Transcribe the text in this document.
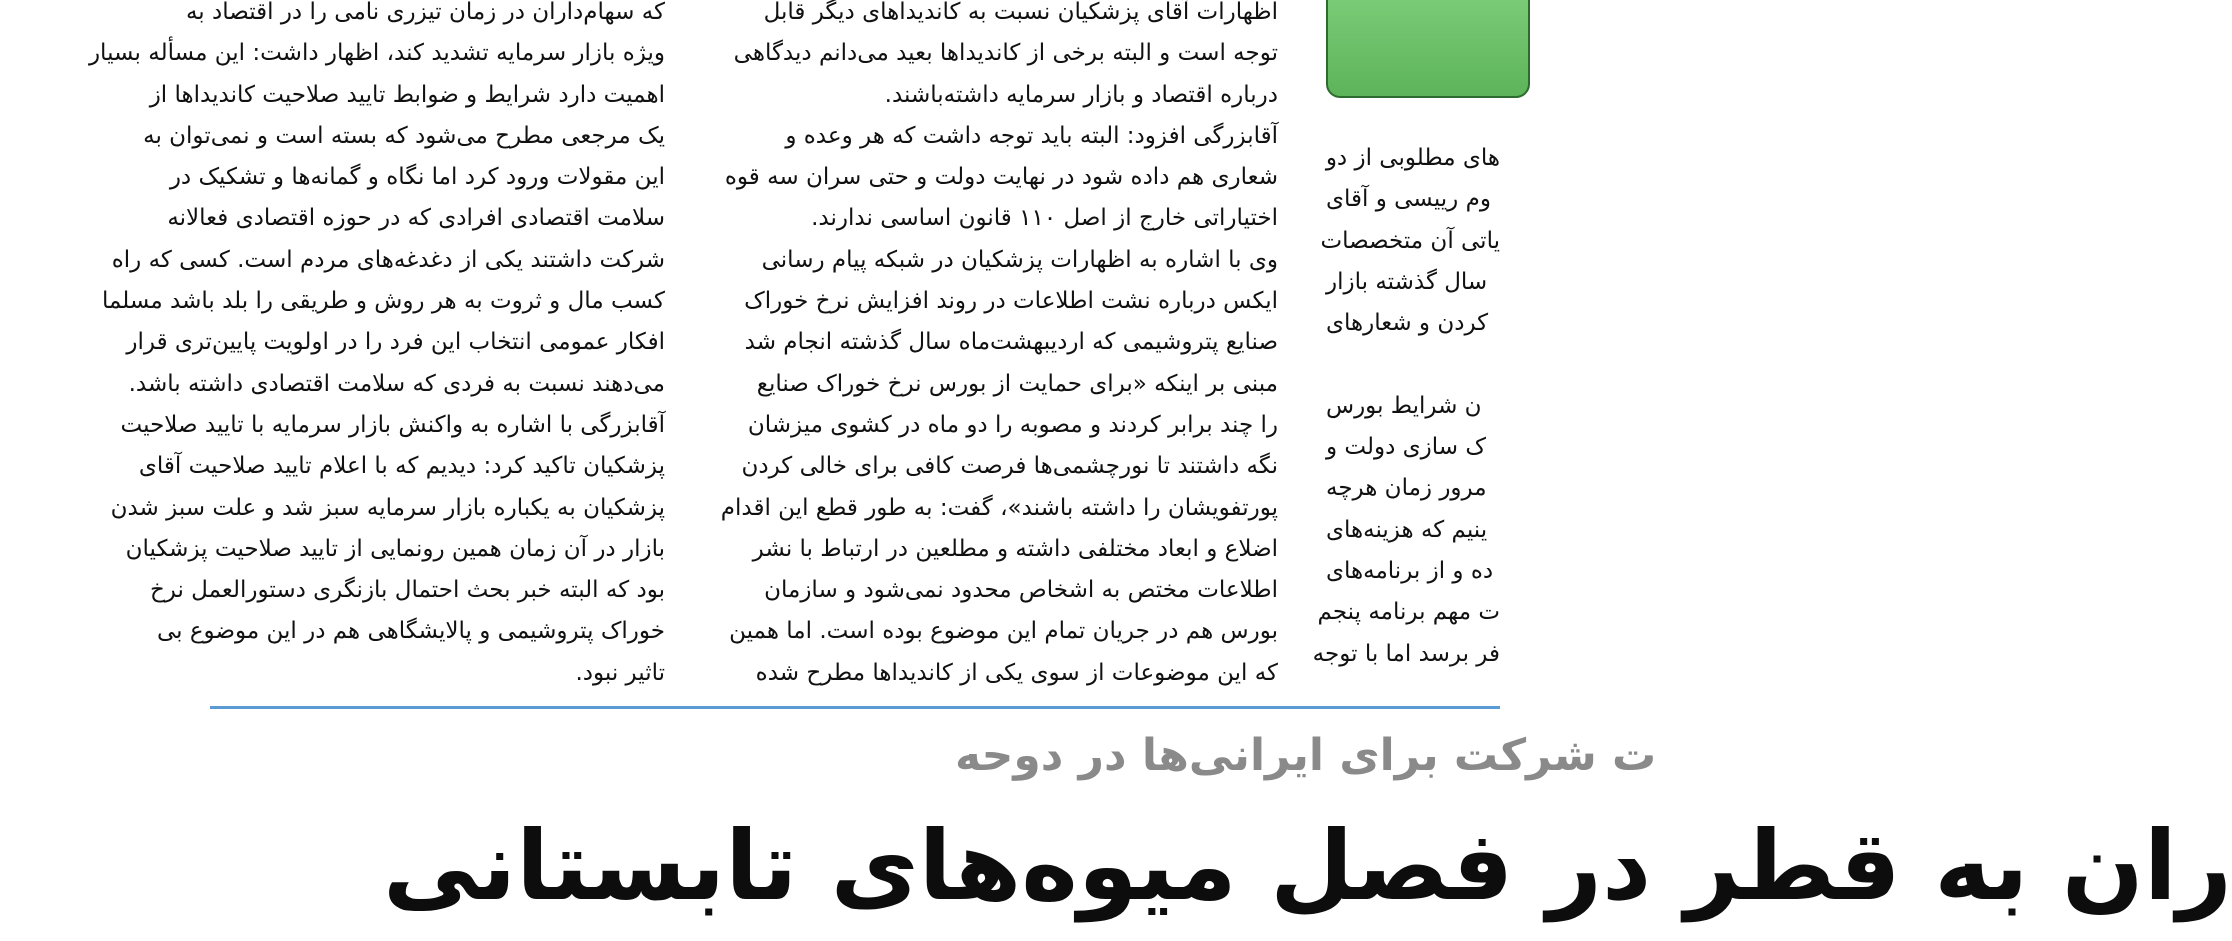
که سهام‌داران در زمان تیزری نامی را در اقتصاد به
ویژه بازار سرمایه تشدید کند، اظهار داشت: این مسأله بسیار
اهمیت دارد شرایط و ضوابط تایید صلاحیت کاندیداها از
یک مرجعی مطرح می‌شود که بسته است و نمی‌توان به
این مقولات ورود کرد اما نگاه و گمانه‌ها و تشکیک در
سلامت اقتصادی افرادی که در حوزه اقتصادی فعالانه
شرکت داشتند یکی از دغدغه‌های مردم است. کسی که راه
کسب مال و ثروت به هر روش و طریقی را بلد باشد مسلما
افکار عمومی انتخاب این فرد را در اولویت پایین‌تری قرار
می‌دهند نسبت به فردی که سلامت اقتصادی داشته باشد.
آقابزرگی با اشاره به واکنش بازار سرمایه با تایید صلاحیت
پزشکیان تاکید کرد: دیدیم که با اعلام تایید صلاحیت آقای
پزشکیان به یکباره بازار سرمایه سبز شد و علت سبز شدن
بازار در آن زمان همین رونمایی از تایید صلاحیت پزشکیان
بود که البته خبر بحث احتمال بازنگری دستورالعمل نرخ
خوراک پتروشیمی و پالایشگاهی هم در این موضوع بی
تاثیر نبود.
اظهارات آقای پزشکیان نسبت به کاندیداهای دیگر قابل
توجه است و البته برخی از کاندیداها بعید می‌دانم دیدگاهی
درباره اقتصاد و بازار سرمایه داشته‌باشند.
آقابزرگی افزود: البته باید توجه داشت که هر وعده و
شعاری هم داده شود در نهایت دولت و حتی سران سه قوه
اختیاراتی خارج از اصل ۱۱۰ قانون اساسی ندارند.
وی با اشاره به اظهارات پزشکیان در شبکه پیام رسانی
ایکس درباره نشت اطلاعات در روند افزایش نرخ خوراک
صنایع پتروشیمی که اردیبهشت‌ماه سال گذشته انجام شد
مبنی بر اینکه «برای حمایت از بورس نرخ خوراک صنایع
را چند برابر کردند و مصوبه را دو ماه در کشوی میزشان
نگه داشتند تا نورچشمی‌ها فرصت کافی برای خالی کردن
پورتفویشان را داشته باشند»، گفت: به طور قطع این اقدام
اضلاع و ابعاد مختلفی داشته و مطلعین در ارتباط با نشر
اطلاعات مختص به اشخاص محدود نمی‌شود و سازمان
بورس هم در جریان تمام این موضوع بوده است. اما همین
که این موضوعات از سوی یکی از کاندیداها مطرح شده
های مطلوبی از دو
وم رییسی و آقای
یاتی آن متخصصات
سال گذشته بازار
کردن و شعارهای
ن شرایط بورس
ک سازی دولت و
مرور زمان هرچه
ینیم که هزینه‌های
ده و از برنامه‌های
ت مهم برنامه پنجم
فر برسد اما با توجه
ت شرکت برای ایرانی‌ها در دوحه
ران به قطر در فصل میوه‌های تابستانی
